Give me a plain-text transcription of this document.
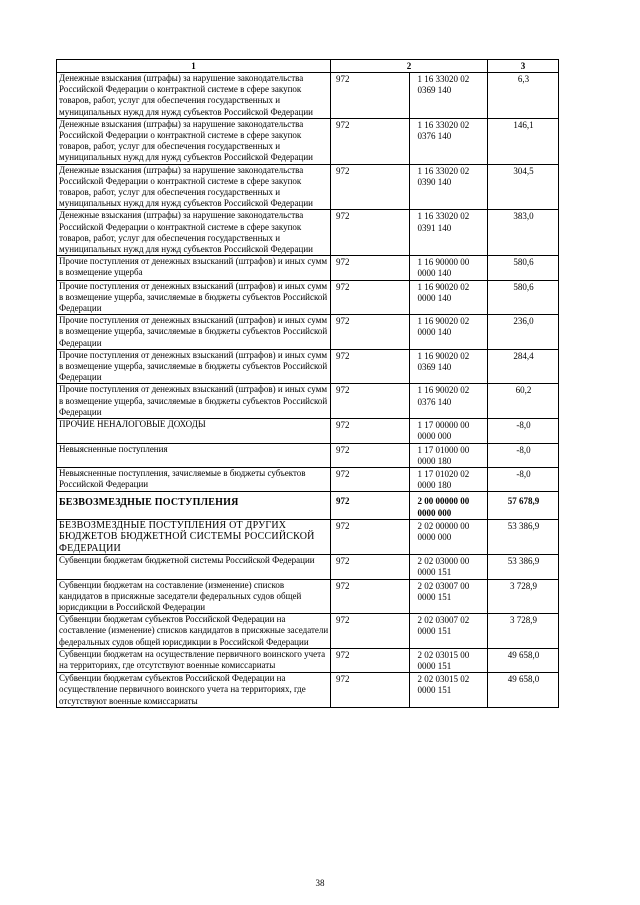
1	2		3
Денежные взыскания (штрафы) за нарушение законодательства Российской Федерации о контрактной системе в сфере закупок товаров, работ, услуг для обеспечения государственных и муниципальных нужд для нужд субъектов Российской Федерации	972	1 16 33020 02 0369 140	6,3
Денежные взыскания (штрафы) за нарушение законодательства Российской Федерации о контрактной системе в сфере закупок товаров, работ, услуг для обеспечения государственных и муниципальных нужд для нужд субъектов Российской Федерации	972	1 16 33020 02 0376 140	146,1
Денежные взыскания (штрафы) за нарушение законодательства Российской Федерации о контрактной системе в сфере закупок товаров, работ, услуг для обеспечения государственных и муниципальных нужд для нужд субъектов Российской Федерации	972	1 16 33020 02 0390 140	304,5
Денежные взыскания (штрафы) за нарушение законодательства Российской Федерации о контрактной системе в сфере закупок товаров, работ, услуг для обеспечения государственных и муниципальных нужд для нужд субъектов Российской Федерации	972	1 16 33020 02 0391 140	383,0
Прочие поступления от денежных взысканий (штрафов) и иных сумм в возмещение ущерба	972	1 16 90000 00 0000 140	580,6
Прочие поступления от денежных взысканий (штрафов) и иных сумм в возмещение ущерба, зачисляемые в бюджеты субъектов Российской Федерации	972	1 16 90020 02 0000 140	580,6
Прочие поступления от денежных взысканий (штрафов) и иных сумм в возмещение ущерба, зачисляемые в бюджеты субъектов Российской Федерации	972	1 16 90020 02 0000 140	236,0
Прочие поступления от денежных взысканий (штрафов) и иных сумм в возмещение ущерба, зачисляемые в бюджеты субъектов Российской Федерации	972	1 16 90020 02 0369 140	284,4
Прочие поступления от денежных взысканий (штрафов) и иных сумм в возмещение ущерба, зачисляемые в бюджеты субъектов Российской Федерации	972	1 16 90020 02 0376 140	60,2
ПРОЧИЕ НЕНАЛОГОВЫЕ ДОХОДЫ	972	1 17 00000 00 0000 000	-8,0
Невыясненные поступления	972	1 17 01000 00 0000 180	-8,0
Невыясненные поступления, зачисляемые в бюджеты субъектов Российской Федерации	972	1 17 01020 02 0000 180	-8,0
БЕЗВОЗМЕЗДНЫЕ ПОСТУПЛЕНИЯ	972	2 00 00000 00 0000 000	57 678,9
БЕЗВОЗМЕЗДНЫЕ ПОСТУПЛЕНИЯ ОТ ДРУГИХ БЮДЖЕТОВ БЮДЖЕТНОЙ СИСТЕМЫ РОССИЙСКОЙ ФЕДЕРАЦИИ	972	2 02 00000 00 0000 000	53 386,9
Субвенции бюджетам бюджетной системы Российской Федерации	972	2 02 03000 00 0000 151	53 386,9
Субвенции бюджетам на составление (изменение) списков кандидатов в присяжные заседатели федеральных судов общей юрисдикции в Российской Федерации	972	2 02 03007 00 0000 151	3 728,9
Субвенции бюджетам субъектов Российской Федерации на составление (изменение) списков кандидатов в присяжные заседатели федеральных судов общей юрисдикции в Российской Федерации	972	2 02 03007 02 0000 151	3 728,9
Субвенции бюджетам на осуществление первичного воинского учета на территориях, где отсутствуют военные комиссариаты	972	2 02 03015 00 0000 151	49 658,0
Субвенции бюджетам субъектов Российской Федерации на осуществление первичного воинского учета на территориях, где отсутствуют военные комиссариаты	972	2 02 03015 02 0000 151	49 658,0
38
